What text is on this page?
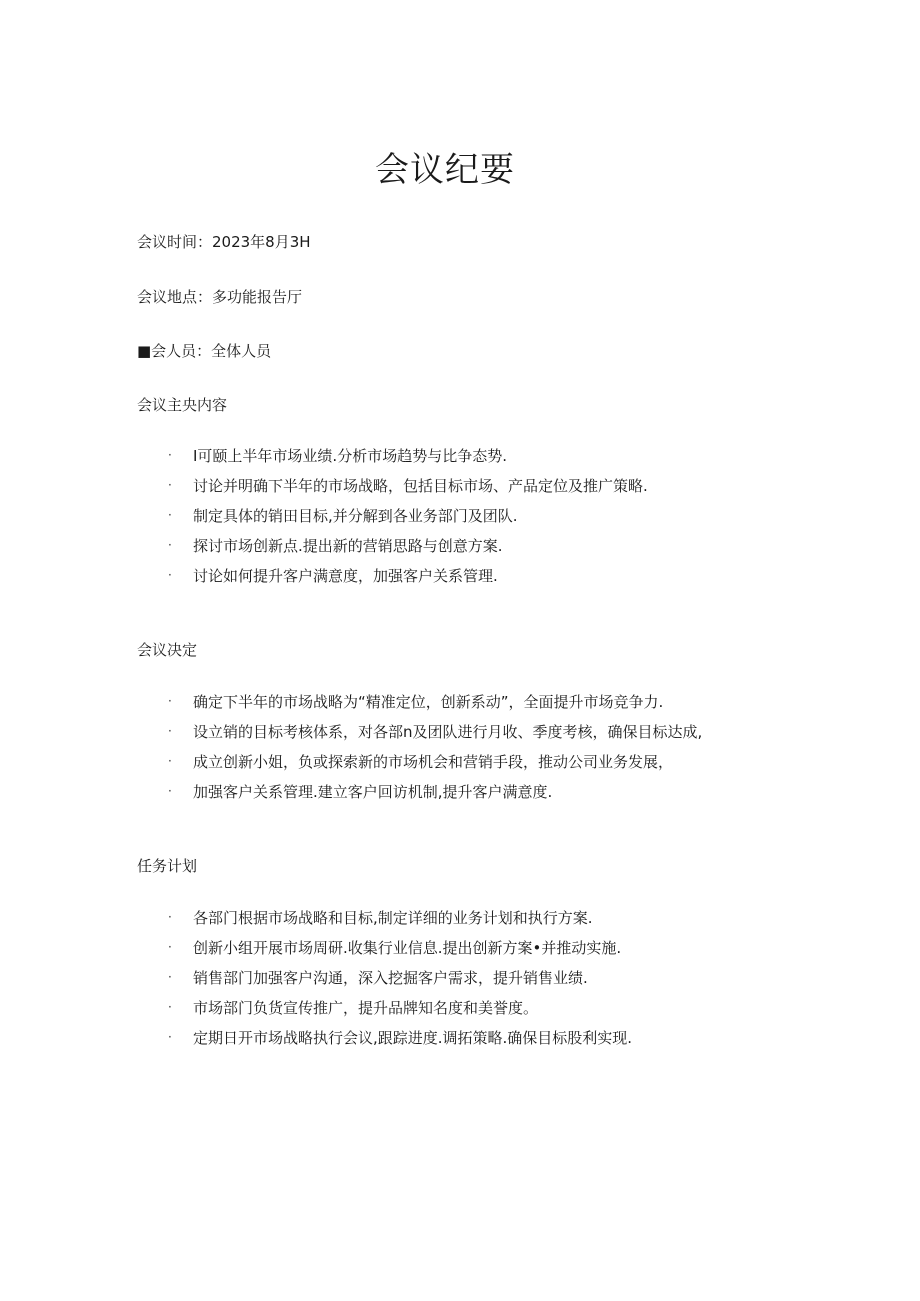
会议纪要
会议时间：2023年8月3H
会议地点：多功能报告厅
■会人员：全体人员
会议主央内容
·	I可颐上半年市场业绩.分析市场趋势与比争态势.
·	讨论并明确下半年的市场战略，包括目标市场、产品定位及推广策略.
·	制定具体的销田目标,并分解到各业务部门及团队.
·	探讨市场创新点.提出新的营销思路与创意方案.
·	讨论如何提升客户满意度，加强客户关系管理.
会议决定
·	确定下半年的市场战略为“精准定位，创新系动”，全面提升市场竞争力.
·	设立销的目标考核体系，对各部n及团队进行月收、季度考核，确保目标达成,
·	成立创新小姐，负或探索新的市场机会和营销手段，推动公司业务发展，
·	加强客户关系管理.建立客户回访机制,提升客户满意度.
任务计划
·	各部门根据市场战略和目标,制定详细的业务计划和执行方案.
·	创新小组开展市场周研.收集行业信息.提出创新方案•并推动实施.
·	销售部门加强客户沟通，深入挖掘客户需求，提升销售业绩.
·	市场部门负货宣传推广，提升品牌知名度和美誉度。
·	定期日开市场战略执行会议,跟踪进度.调拓策略.确保目标股利实现.
